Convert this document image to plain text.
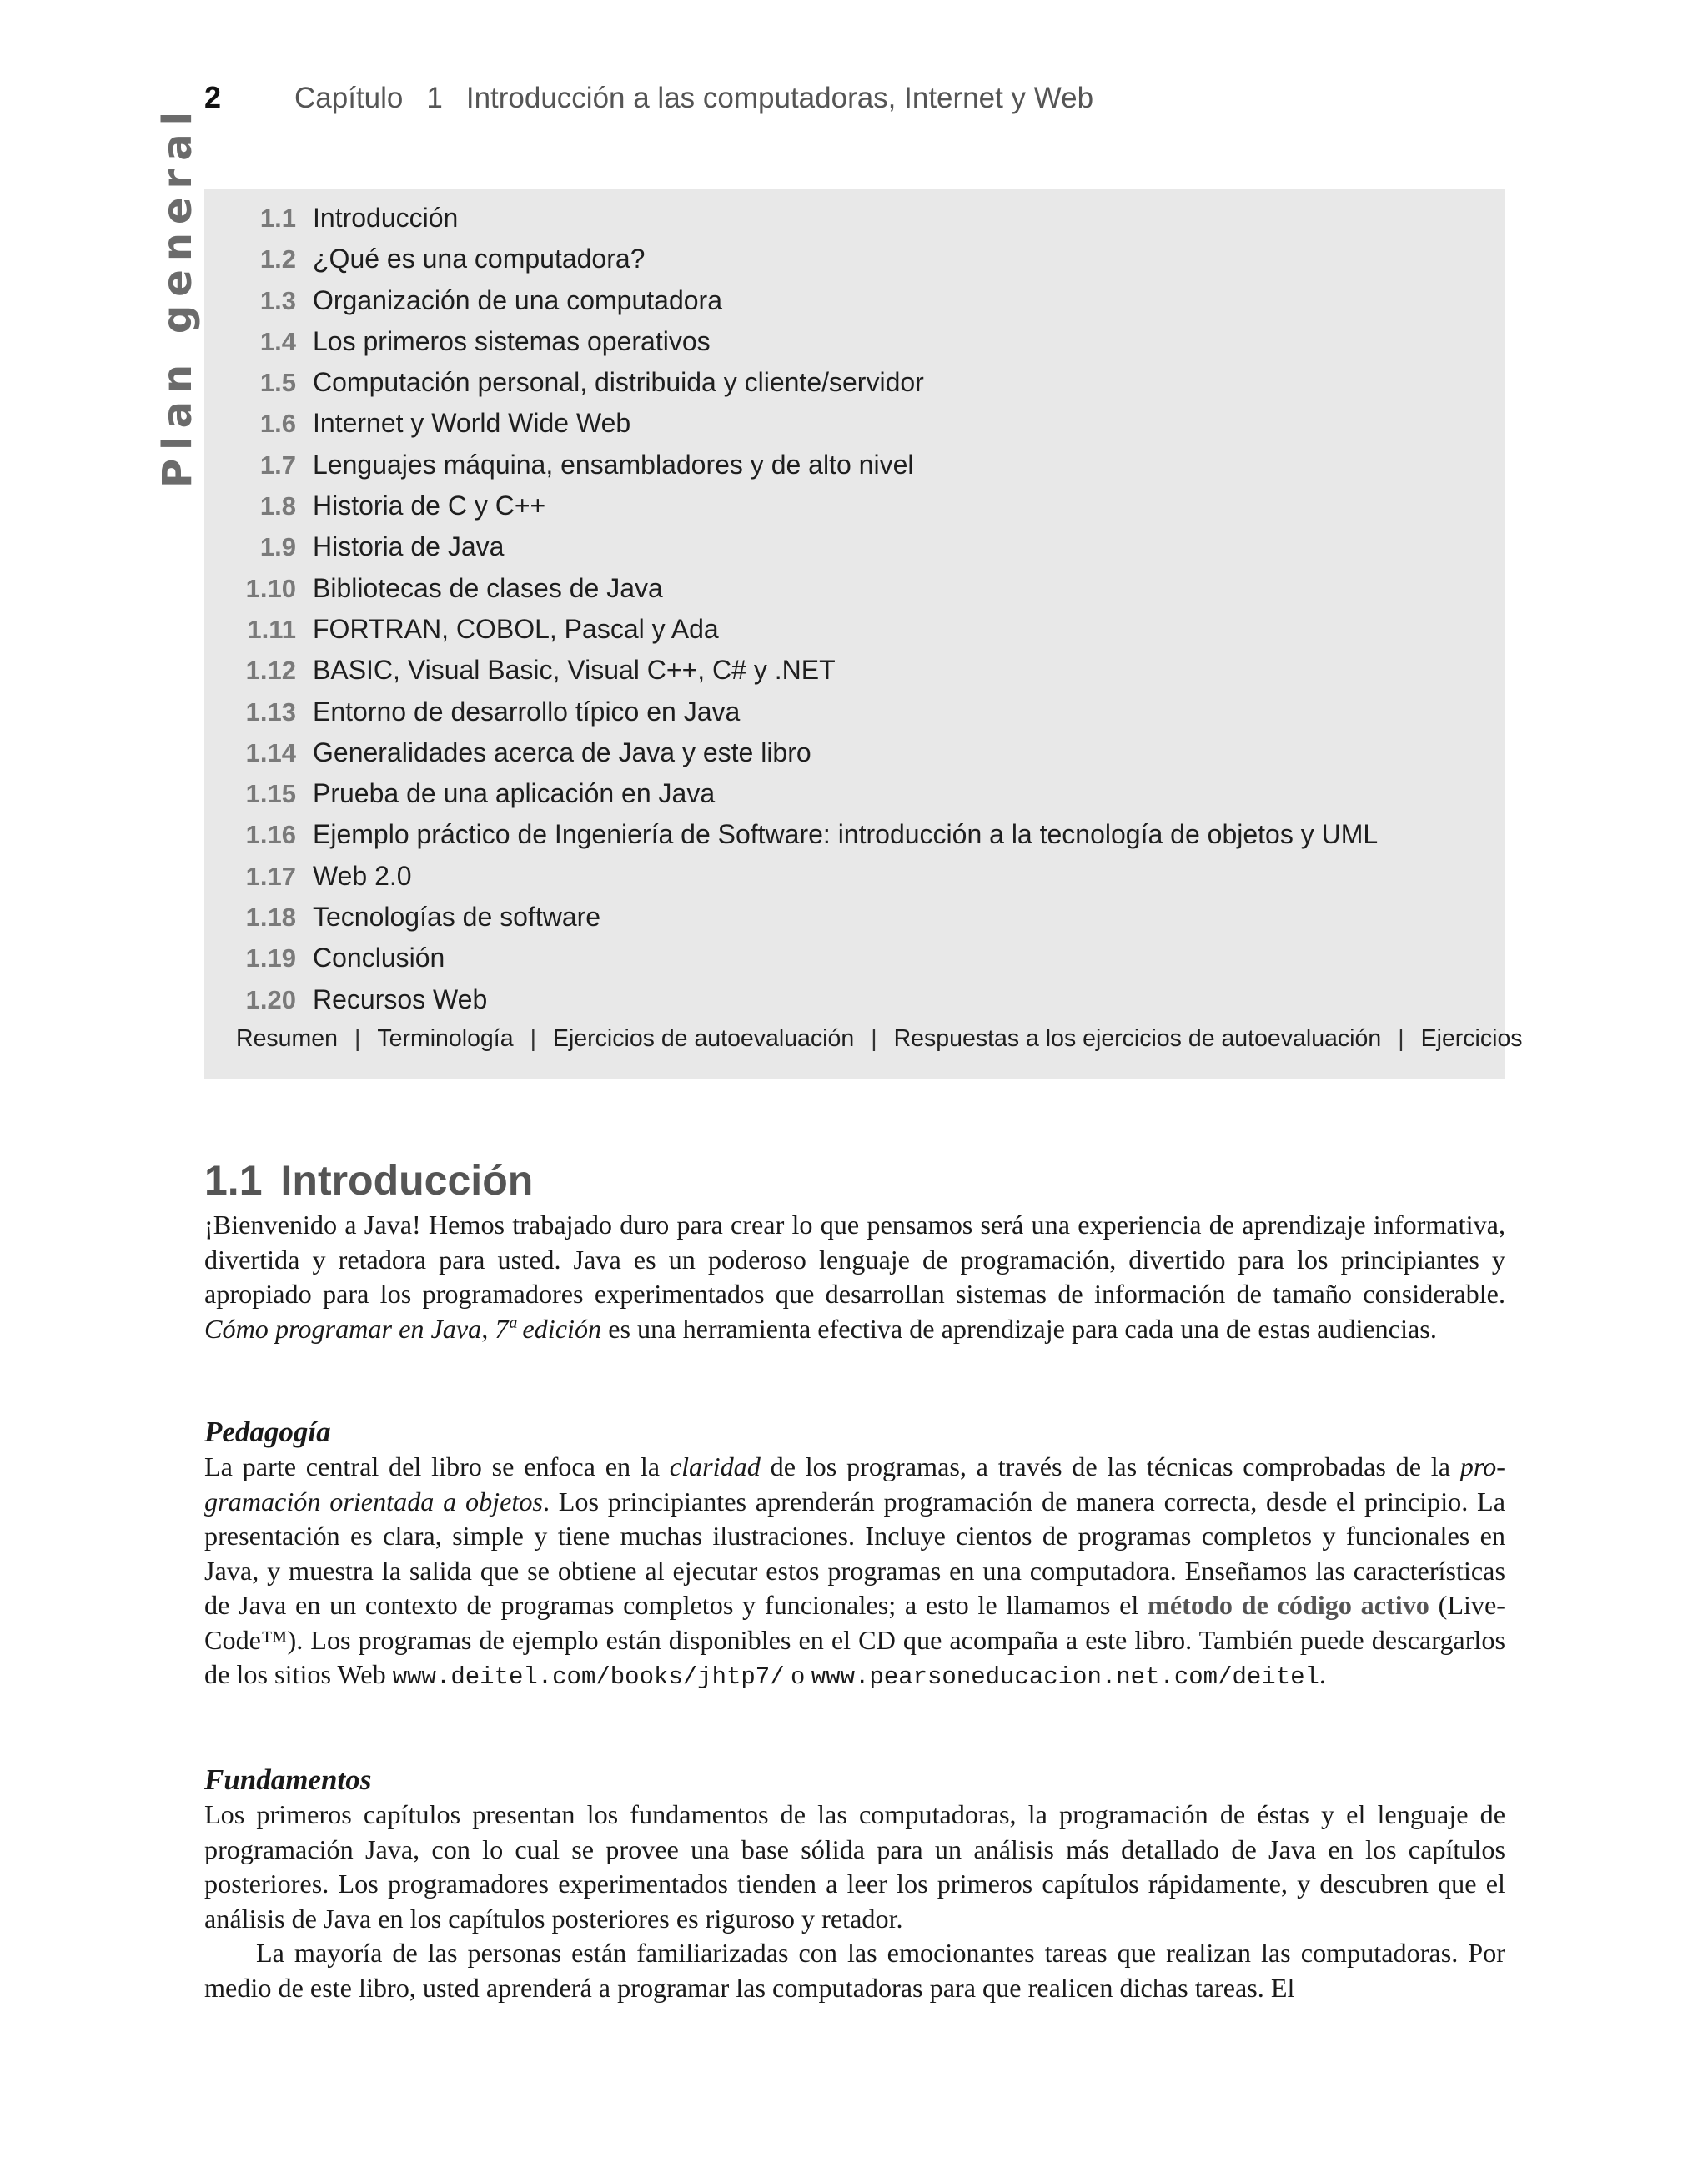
2	Capítulo 1 Introducción a las computadoras, Internet y Web
Plan general	1.1 Introducción
1.2 ¿Qué es una computadora?
1.3 Organización de una computadora
1.4 Los primeros sistemas operativos
1.5 Computación personal, distribuida y cliente/servidor
1.6 Internet y World Wide Web
1.7 Lenguajes máquina, ensambladores y de alto nivel
1.8 Historia de C y C++
1.9 Historia de Java
1.10 Bibliotecas de clases de Java
1.11 FORTRAN, COBOL, Pascal y Ada
1.12 BASIC, Visual Basic, Visual C++, C# y .NET
1.13 Entorno de desarrollo típico en Java
1.14 Generalidades acerca de Java y este libro
1.15 Prueba de una aplicación en Java
1.16 Ejemplo práctico de Ingeniería de Software: introducción a la tecnología de objetos y UML
1.17 Web 2.0
1.18 Tecnologías de software
1.19 Conclusión
1.20 Recursos Web
Resumen | Terminología | Ejercicios de autoevaluación | Respuestas a los ejercicios de autoevaluación | Ejercicios
1.1 Introducción

¡Bienvenido a Java! Hemos trabajado duro para crear lo que pensamos será una experiencia de aprendizaje informativa, divertida y retadora para usted. Java es un poderoso lenguaje de programación, divertido para los principiantes y apropiado para los programadores experimentados que desarrollan sistemas de información de tamaño considerable. Cómo programar en Java, 7ª edición es una herramienta efectiva de aprendizaje para cada una de estas audiencias.

Pedagogía

La parte central del libro se enfoca en la claridad de los programas, a través de las técnicas comprobadas de la programación orientada a objetos. Los principiantes aprenderán programación de manera correcta, desde el principio. La presentación es clara, simple y tiene muchas ilustraciones. Incluye cientos de programas completos y funcionales en Java, y muestra la salida que se obtiene al ejecutar estos programas en una computadora. Enseñamos las características de Java en un contexto de programas completos y funcionales; a esto le llamamos el método de código activo (Live-Code™). Los programas de ejemplo están disponibles en el CD que acompaña a este libro. También puede descargarlos de los sitios Web www.deitel.com/books/jhtp7/ o www.pearsoneducacion.​net.com/deitel.

Fundamentos

Los primeros capítulos presentan los fundamentos de las computadoras, la programación de éstas y el lenguaje de programación Java, con lo cual se provee una base sólida para un análisis más detallado de Java en los capítulos posteriores. Los programadores experimentados tienden a leer los primeros capítulos rápidamente, y descubren que el análisis de Java en los capítulos posteriores es riguroso y retador.

La mayoría de las personas están familiarizadas con las emocionantes tareas que realizan las computadoras. Por medio de este libro, usted aprenderá a programar las computadoras para que realicen dichas tareas. El
